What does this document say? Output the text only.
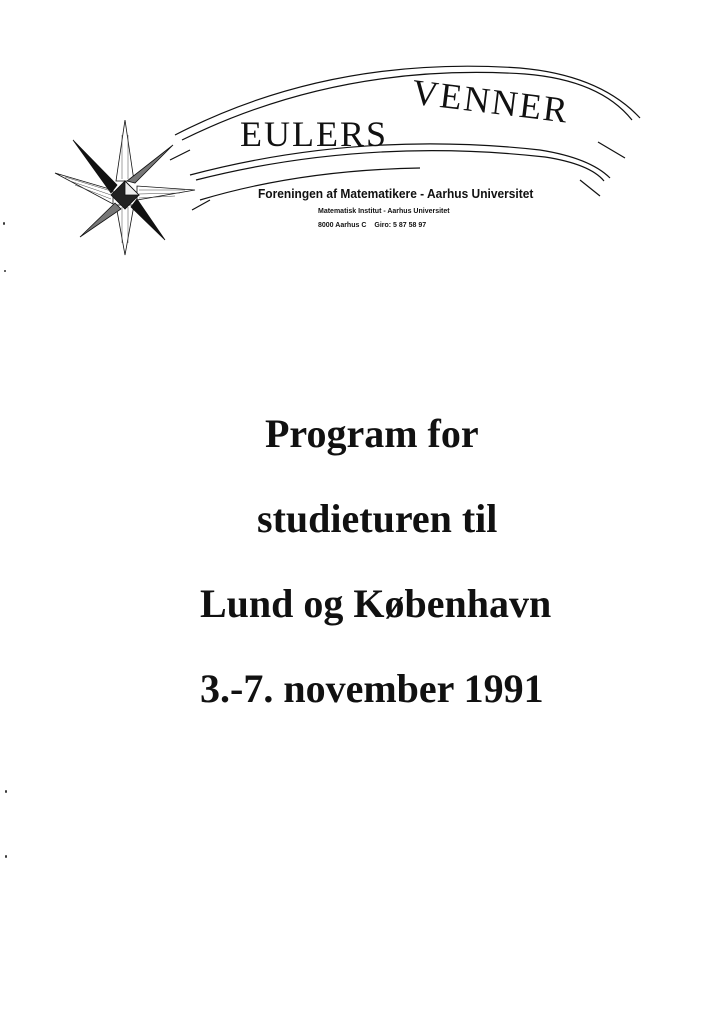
EULERS
VENNER
Foreningen af Matematikere - Aarhus Universitet
Matematisk Institut - Aarhus Universitet
8000 Aarhus C Giro: 5 87 58 97
Program for
studieturen til
Lund og København
3.-7. november 1991
